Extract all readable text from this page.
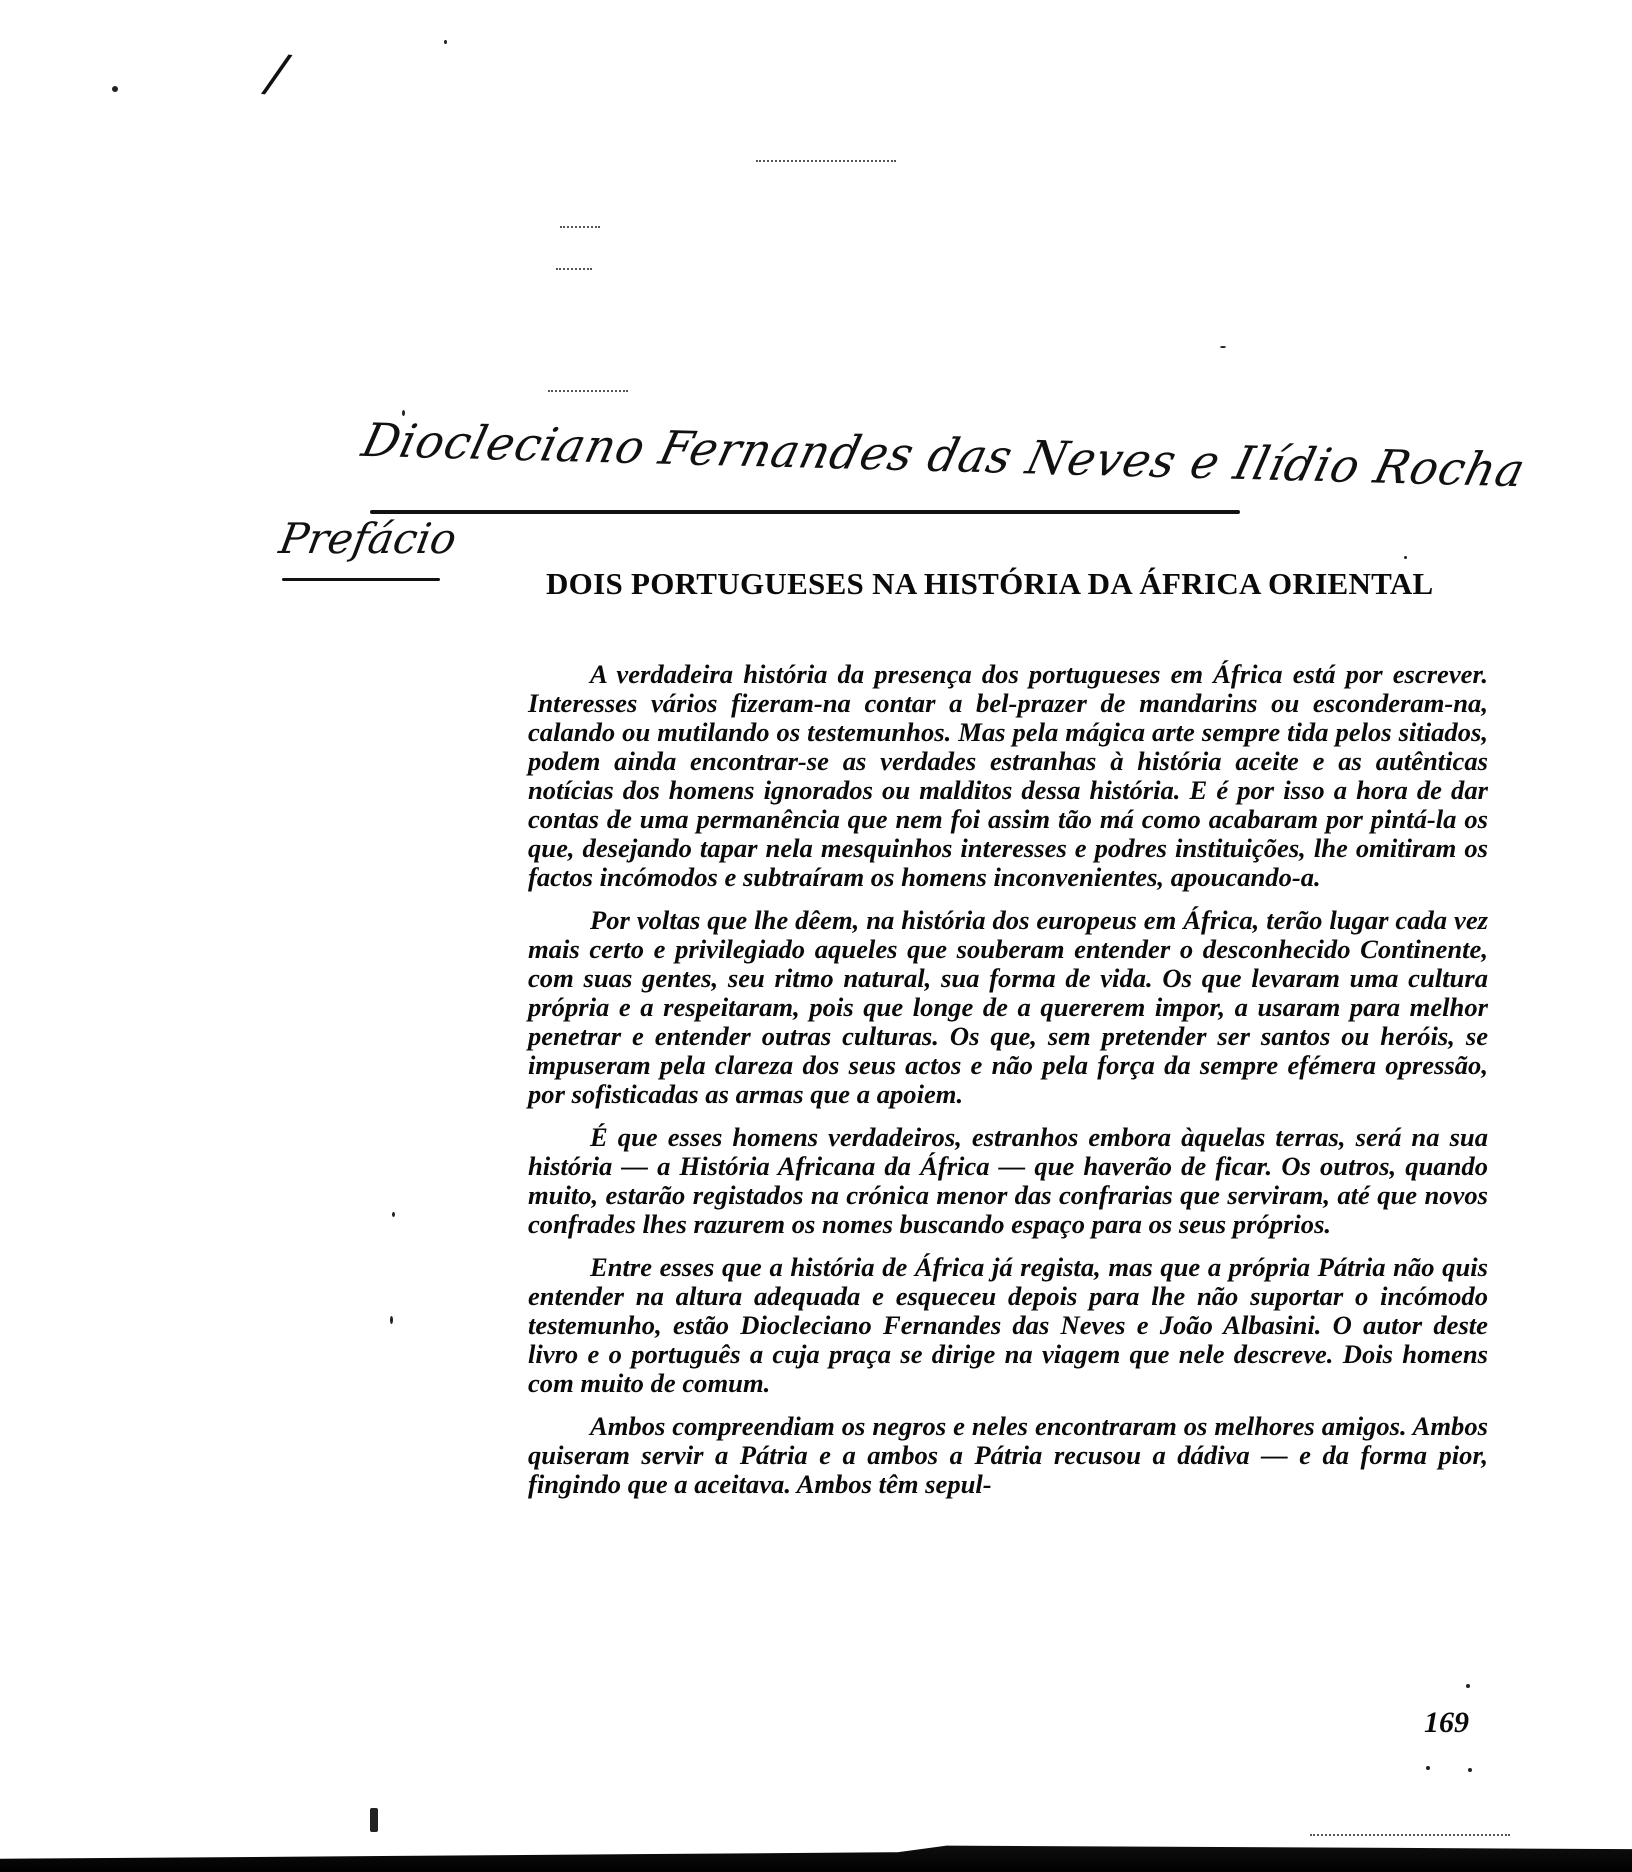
/
Diocleciano Fernandes das Neves e Ilídio Rocha
Prefácio
DOIS PORTUGUESES NA HISTÓRIA DA ÁFRICA ORIENTAL

A verdadeira história da presença dos portugueses em África está por escrever. Interesses vários fizeram-na contar a bel-prazer de mandarins ou esconderam-na, calando ou mutilando os testemunhos. Mas pela mágica arte sempre tida pelos sitiados, podem ainda encontrar-se as verdades estranhas à história aceite e as autênticas notícias dos homens ignorados ou malditos dessa história. E é por isso a hora de dar contas de uma permanência que nem foi assim tão má como acabaram por pintá-la os que, desejando tapar nela mesquinhos interesses e podres instituições, lhe omitiram os factos incómodos e subtraíram os homens inconvenientes, apoucando-a.

Por voltas que lhe dêem, na história dos europeus em África, terão lugar cada vez mais certo e privilegiado aqueles que souberam entender o desconhecido Continente, com suas gentes, seu ritmo natural, sua forma de vida. Os que levaram uma cultura própria e a respeitaram, pois que longe de a quererem impor, a usaram para melhor penetrar e entender outras culturas. Os que, sem pretender ser santos ou heróis, se impuseram pela clareza dos seus actos e não pela força da sempre efémera opressão, por sofisticadas as armas que a apoiem.

É que esses homens verdadeiros, estranhos embora àquelas terras, será na sua história — a História Africana da África — que haverão de ficar. Os outros, quando muito, estarão registados na crónica menor das confrarias que serviram, até que novos confrades lhes razurem os nomes buscando espaço para os seus próprios.

Entre esses que a história de África já regista, mas que a própria Pátria não quis entender na altura adequada e esqueceu depois para lhe não suportar o incómodo testemunho, estão Diocleciano Fernandes das Neves e João Albasini. O autor deste livro e o português a cuja praça se dirige na viagem que nele descreve. Dois homens com muito de comum.

Ambos compreendiam os negros e neles encontraram os melhores amigos. Ambos quiseram servir a Pátria e a ambos a Pátria recusou a dádiva — e da forma pior, fingindo que a aceitava. Ambos têm sepul-

169
